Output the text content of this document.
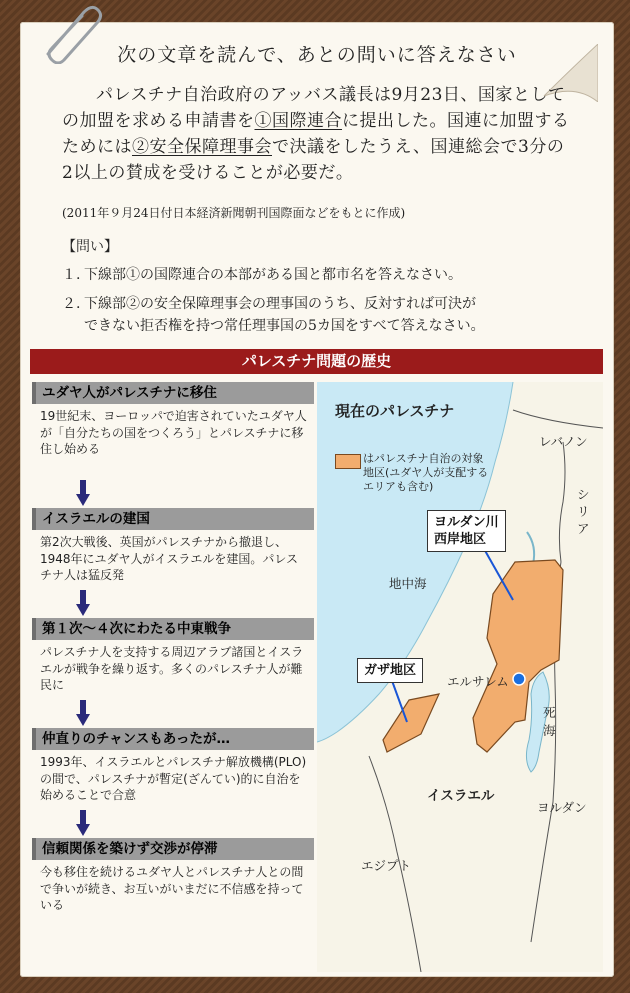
次の文章を読んで、あとの問いに答えなさい
パレスチナ自治政府のアッバス議長は9月23日、国家としての加盟を求める申請書を①国際連合に提出した。国連に加盟するためには②安全保障理事会で決議をしたうえ、国連総会で3分の2以上の賛成を受けることが必要だ。
(2011年９月24日付日本経済新聞朝刊国際面などをもとに作成)
【問い】
１. 下線部①の国際連合の本部がある国と都市名を答えなさい。
２. 下線部②の安全保障理事会の理事国のうち、反対すれば可決が
できない拒否権を持つ常任理事国の5カ国をすべて答えなさい。
パレスチナ問題の歴史
ユダヤ人がパレスチナに移住
19世紀末、ヨーロッパで迫害されていたユダヤ人が「自分たちの国をつくろう」とパレスチナに移住し始める
イスラエルの建国
第2次大戦後、英国がパレスチナから撤退し、1948年にユダヤ人がイスラエルを建国。パレスチナ人は猛反発
第１次〜４次にわたる中東戦争
パレスチナ人を支持する周辺アラブ諸国とイスラエルが戦争を繰り返す。多くのパレスチナ人が難民に
仲直りのチャンスもあったが…
1993年、イスラエルとパレスチナ解放機構(PLO)の間で、パレスチナが暫定(ざんてい)的に自治を始めることで合意
信頼関係を築けず交渉が停滞
今も移住を続けるユダヤ人とパレスチナ人との間で争いが続き、お互いがいまだに不信感を持っている
現在のパレスチナ
はパレスチナ自治の対象地区(ユダヤ人が支配するエリアも含む)
ヨルダン川
西岸地区
ガザ地区
レバノン
シリア
地中海
エルサレム
死海
イスラエル
ヨルダン
エジプト
